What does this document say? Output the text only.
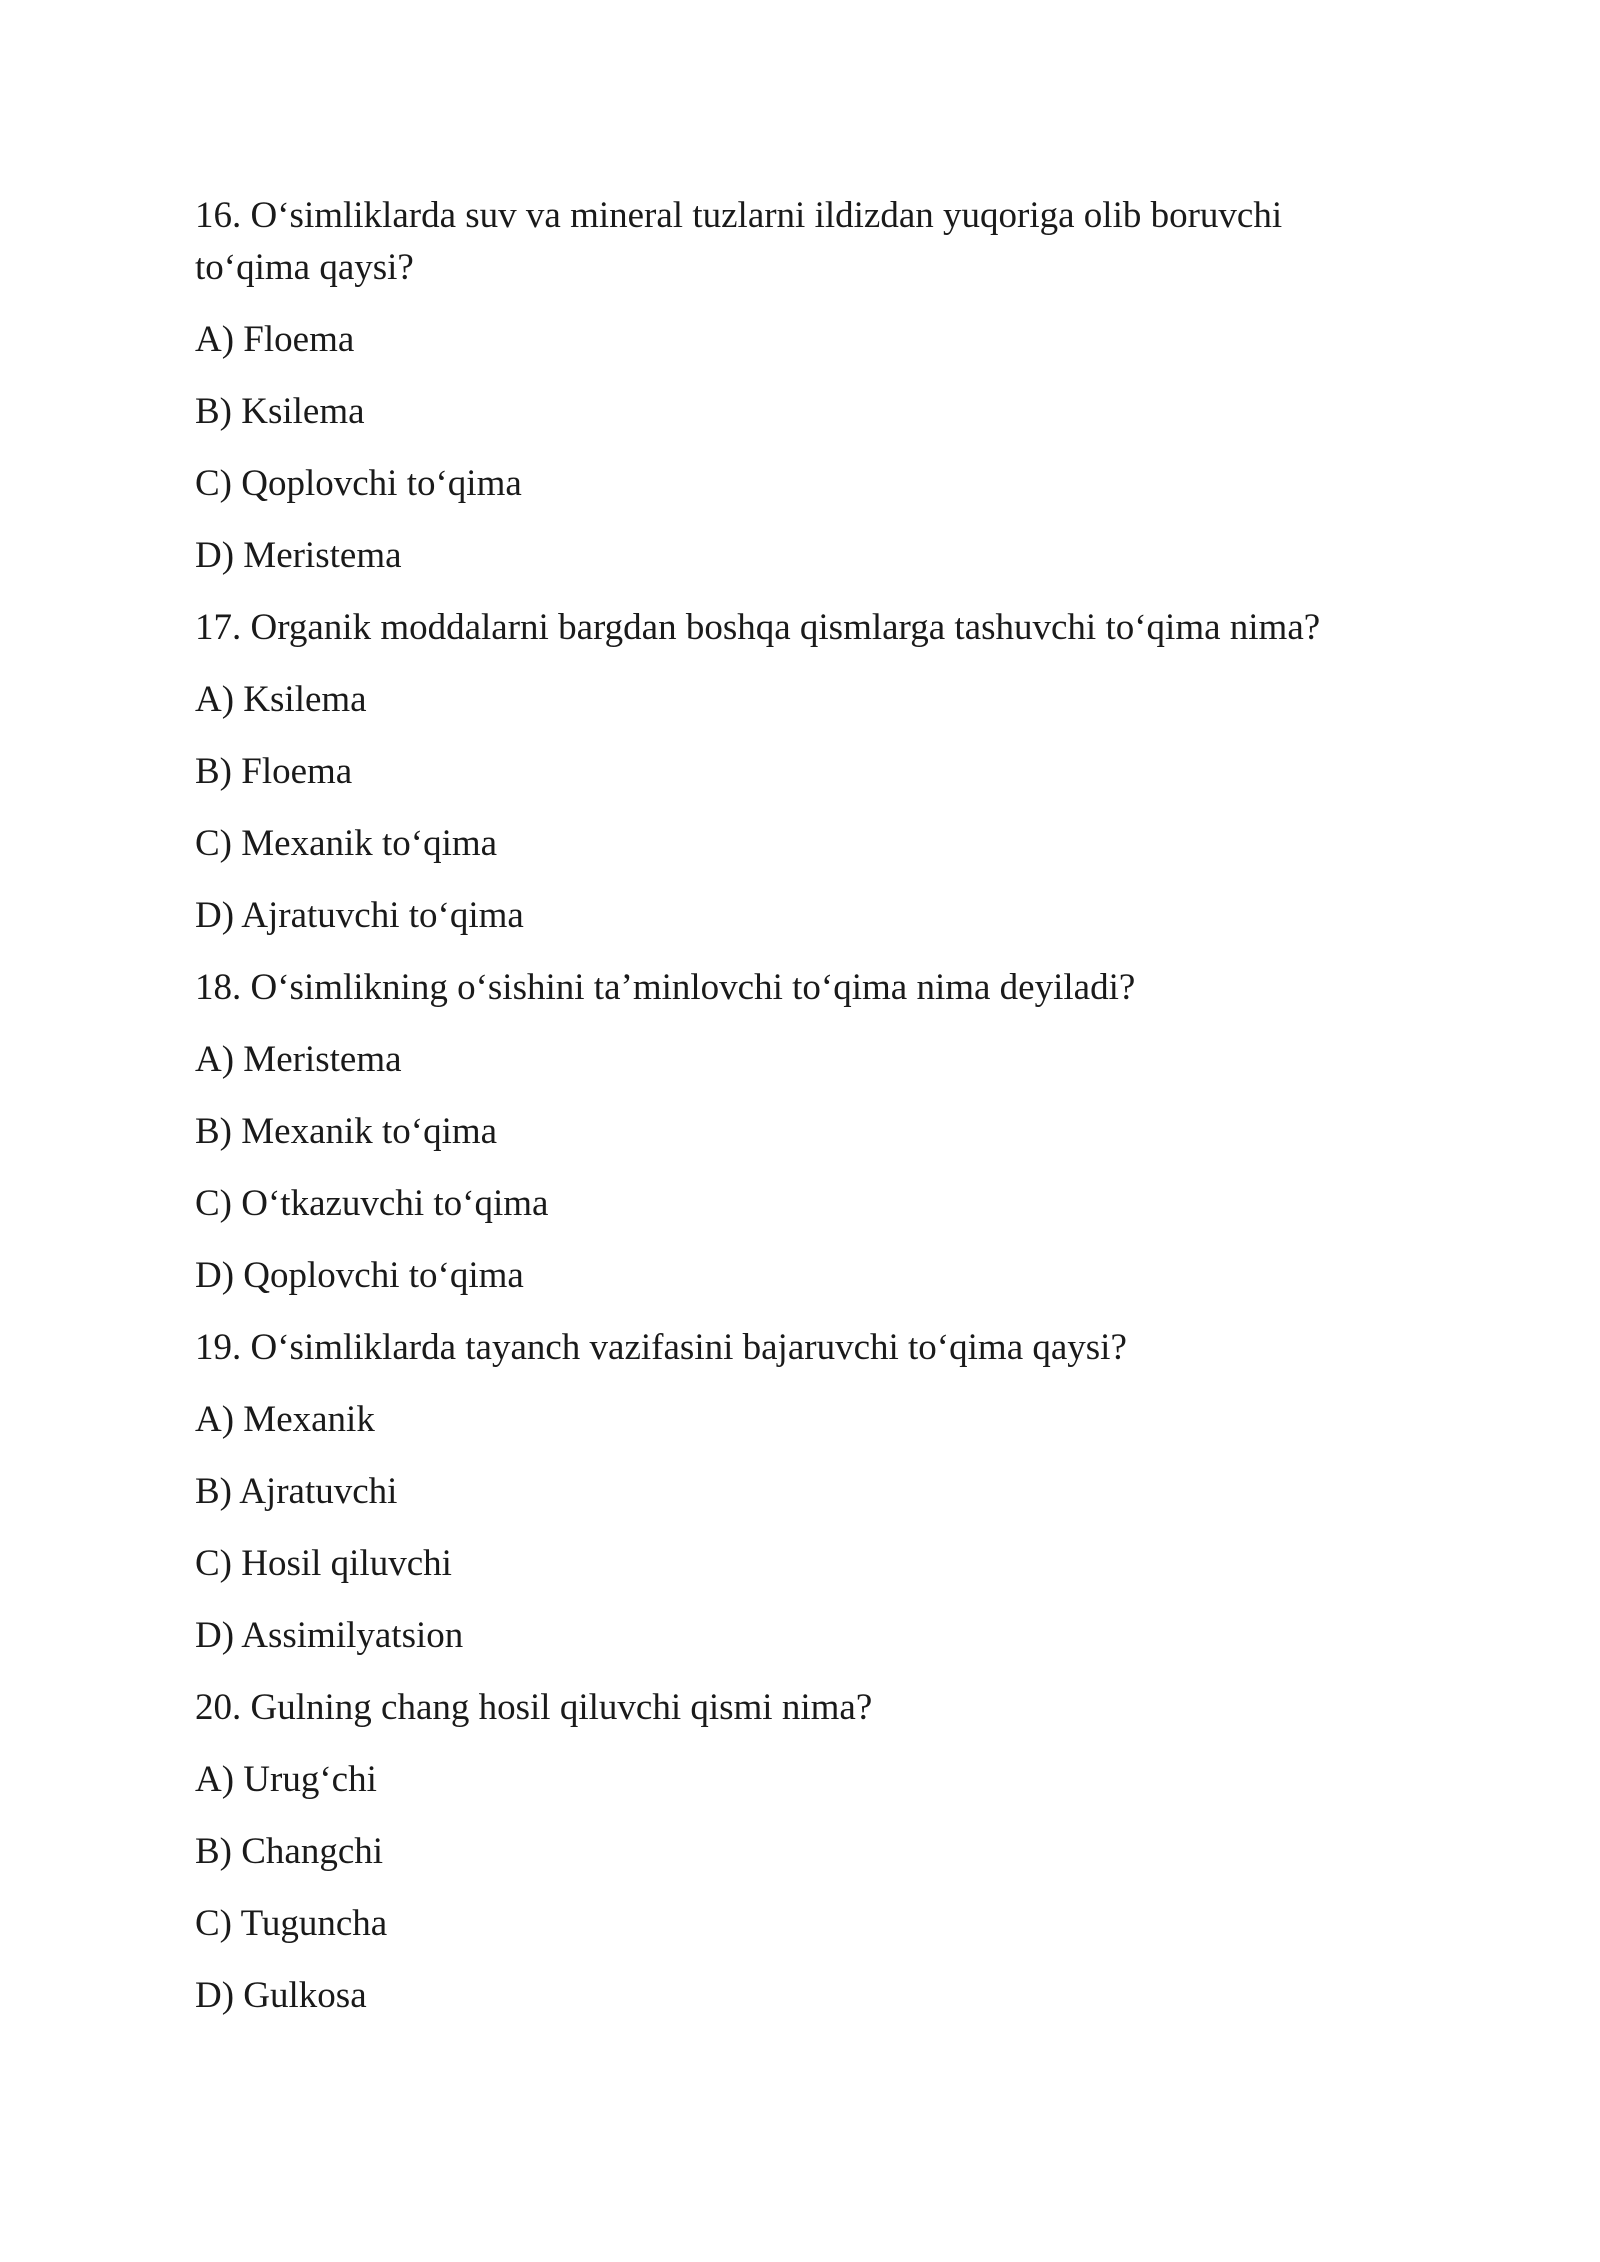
16. O‘simliklarda suv va mineral tuzlarni ildizdan yuqoriga olib boruvchi
to‘qima qaysi?
A) Floema
B) Ksilema
C) Qoplovchi to‘qima
D) Meristema
17. Organik moddalarni bargdan boshqa qismlarga tashuvchi to‘qima nima?
A) Ksilema
B) Floema
C) Mexanik to‘qima
D) Ajratuvchi to‘qima
18. O‘simlikning o‘sishini ta’minlovchi to‘qima nima deyiladi?
A) Meristema
B) Mexanik to‘qima
C) O‘tkazuvchi to‘qima
D) Qoplovchi to‘qima
19. O‘simliklarda tayanch vazifasini bajaruvchi to‘qima qaysi?
A) Mexanik
B) Ajratuvchi
C) Hosil qiluvchi
D) Assimilyatsion
20. Gulning chang hosil qiluvchi qismi nima?
A) Urug‘chi
B) Changchi
C) Tuguncha
D) Gulkosa
